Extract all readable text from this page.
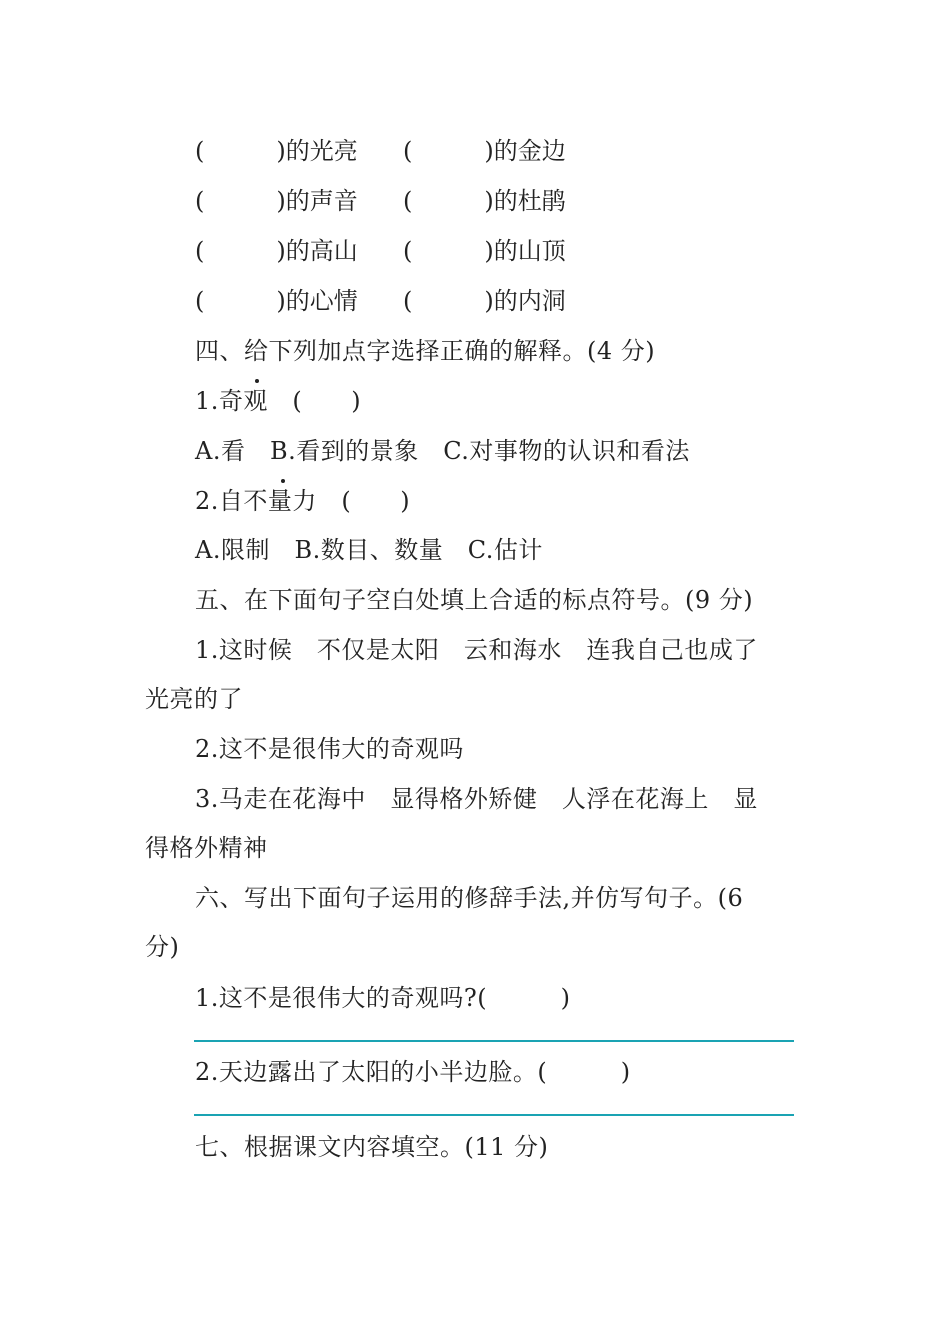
(　　　)的光亮

(　　　)的金边

(　　　)的声音

(　　　)的杜鹃

(　　　)的高山

(　　　)的山顶

(　　　)的心情

(　　　)的内洞

四、给下列加点字选择正确的解释。(4 分)
1.奇观　(　　)
A.看　B.看到的景象　C.对事物的认识和看法
2.自不量力　(　　)
A.限制　B.数目、数量　C.估计
五、在下面句子空白处填上合适的标点符号。(9 分)
1.这时候　不仅是太阳　云和海水　连我自己也成了
光亮的了
2.这不是很伟大的奇观吗
3.马走在花海中　显得格外矫健　人浮在花海上　显
得格外精神
六、写出下面句子运用的修辞手法,并仿写句子。(6
分)
1.这不是很伟大的奇观吗?(　　　)
2.天边露出了太阳的小半边脸。(　　　)
七、根据课文内容填空。(11 分)
